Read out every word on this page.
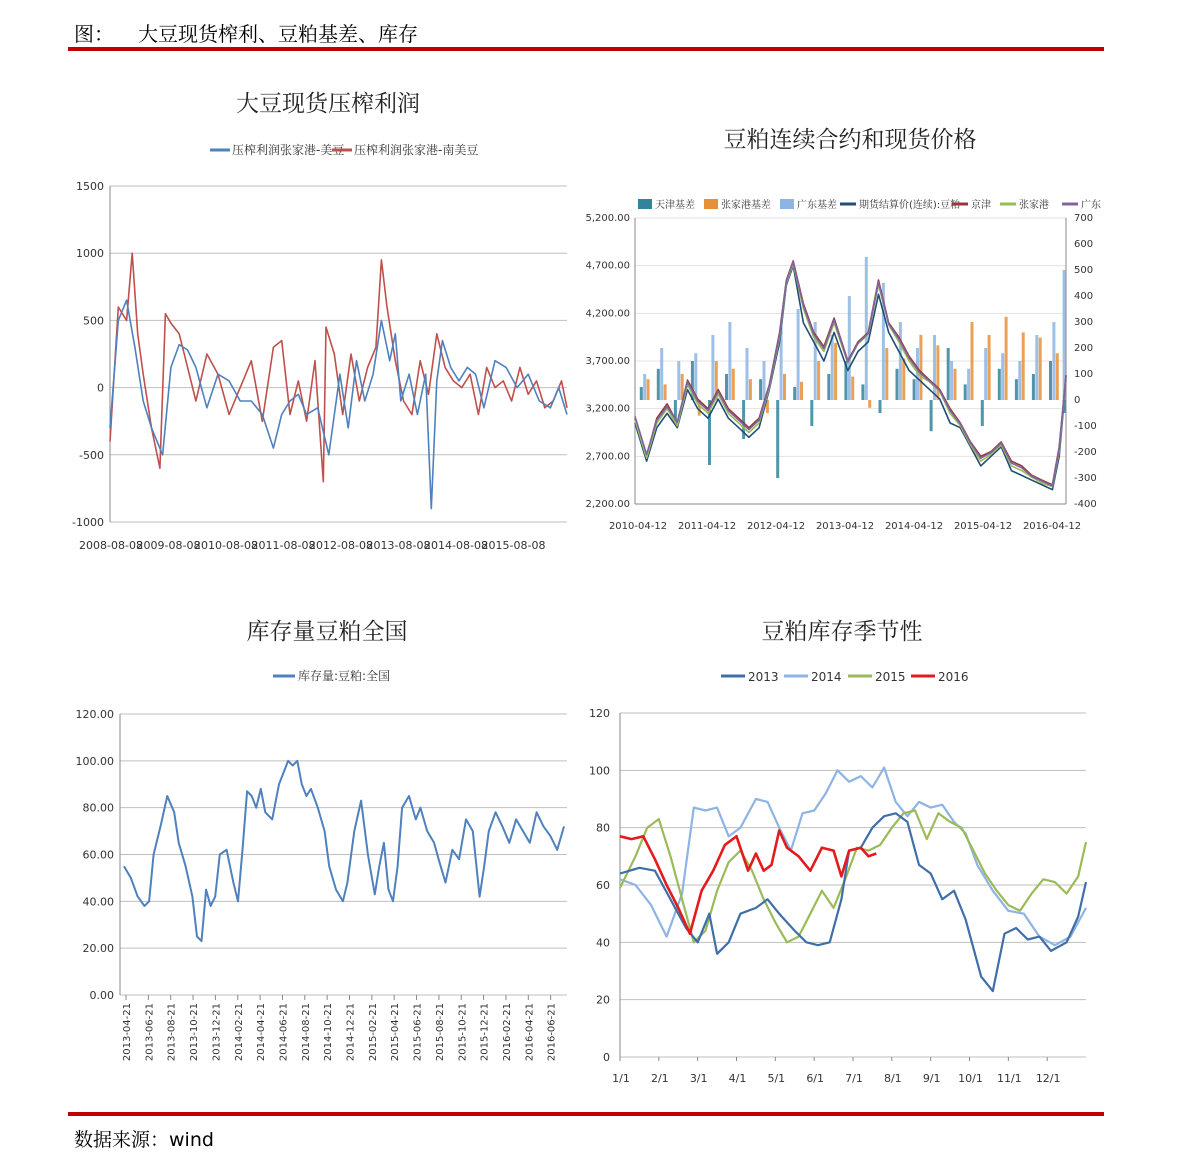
图： 大豆现货榨利、豆粕基差、库存
大豆现货压榨利润
压榨利润张家港-美豆 压榨利润张家港-南美豆
-1000
-500
0
500
1000
1500
2008-08-08
2009-08-08
2010-08-08
2011-08-08
2012-08-08
2013-08-08
2014-08-08
2015-08-08
豆粕连续合约和现货价格
天津基差	张家港基差	广东基差 期货结算价(连续):豆粕 京津	张家港	广东
2,200.00
2,700.00
3,200.00
3,700.00
4,200.00
4,700.00
5,200.00
-400
-300
-200
-100
0
100
200
300
400
500
600
700
2010-04-12 2011-04-12 2012-04-12 2013-04-12 2014-04-12 2015-04-12 2016-04-12
库存量豆粕全国
库存量:豆粕:全国
0.00
20.00
40.00
60.00
80.00
100.00
120.00
2013-04-21 2013-06-21 2013-08-21 2013-10-21 2013-12-21 2014-02-21 2014-04-21 2014-06-21 2014-08-21 2014-10-21 2014-12-21 2015-02-21 2015-04-21 2015-06-21 2015-08-21 2015-10-21 2015-12-21 2016-02-21 2016-04-21 2016-06-21
豆粕库存季节性
2013	2014	2015	2016
0
20
40
60
80
100
120
1/1 2/1 3/1 4/1 5/1 6/1 7/1 8/1 9/1 10/1 11/1 12/1
数据来源：wind
